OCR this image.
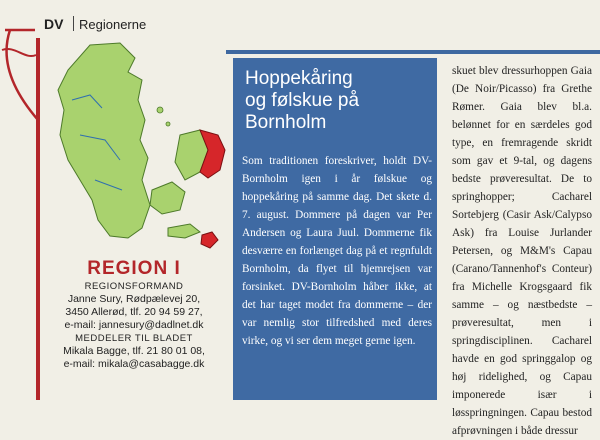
DV Regionerne
REGION I
REGIONSFORMAND
Janne Sury, Rødpælevej 20,
3450 Allerød, tlf. 20 94 59 27,
e-mail: jannesury@dadlnet.dk
MEDDELER TIL BLADET
Mikala Bagge, tlf. 21 80 01 08,
e-mail: mikala@casabagge.dk
Hoppekåring
og følskue på
Bornholm
Som traditionen foreskriver, holdt DV-Bornholm igen i år følskue og hoppekåring på samme dag. Det skete d. 7. august. Dommere på dagen var Per Andersen og Laura Juul. Dommerne fik desværre en forlænget dag på et regnfuldt Bornholm, da flyet til hjemrejsen var forsinket. DV-Bornholm håber ikke, at det har taget modet fra dommerne – der var nemlig stor tilfredshed med deres virke, og vi ser dem meget gerne igen.
skuet blev dressurhoppen Gaia (De Noir/Picasso) fra Grethe Rømer. Gaia blev bl.a. belønnet for en særdeles god type, en fremragende skridt som gav et 9-tal, og dagens bedste prøveresultat. De to springhopper; Cacharel Sortebjerg (Casir Ask/Calypso Ask) fra Louise Jurlander Petersen, og M&M's Capau (Carano/Tannenhof's Conteur) fra Michelle Krogsgaard fik samme – og næstbedste – prøveresultat, men i springdisciplinen. Cacharel havde en god springgalop og høj ridelighed, og Capau imponerede især i løsspringningen. Capau bestod afprøvningen i både dressur
